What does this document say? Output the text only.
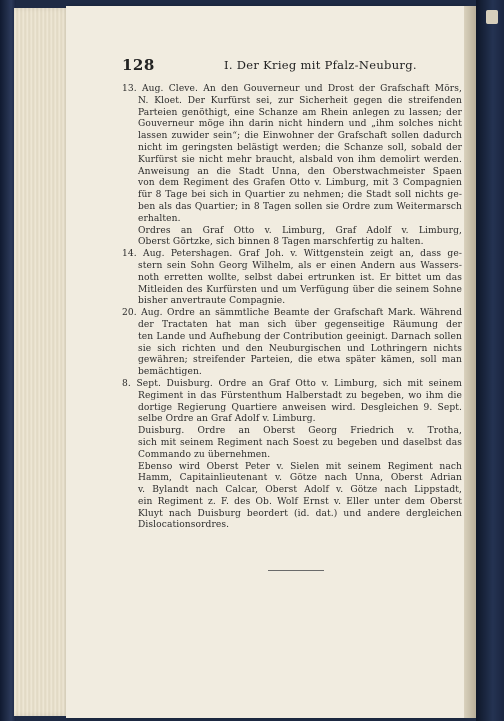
128	I. Der Krieg mit Pfalz-Neuburg.
13. Aug. Cleve. An den Gouverneur und Drost der Grafschaft Mörs,
N. Kloet. Der Kurfürst sei, zur Sicherheit gegen die streifenden
Parteien genöthigt, eine Schanze am Rhein anlegen zu lassen; der
Gouverneur möge ihn darin nicht hindern und „ihm solches nicht
lassen zuwider sein“; die Einwohner der Grafschaft sollen dadurch
nicht im geringsten belästigt werden; die Schanze soll, sobald der
Kurfürst sie nicht mehr braucht, alsbald von ihm demolirt werden.
Anweisung an die Stadt Unna, den Oberstwachmeister Spaen
von dem Regiment des Grafen Otto v. Limburg, mit 3 Compagnien
für 8 Tage bei sich in Quartier zu nehmen; die Stadt soll nichts ge-
ben als das Quartier; in 8 Tagen sollen sie Ordre zum Weitermarsch
erhalten.
Ordres an Graf Otto v. Limburg, Graf Adolf v. Limburg,
Oberst Görtzke, sich binnen 8 Tagen marschfertig zu halten.
14. Aug. Petershagen. Graf Joh. v. Wittgenstein zeigt an, dass ge-
stern sein Sohn Georg Wilhelm, als er einen Andern aus Wassers-
noth erretten wollte, selbst dabei ertrunken ist. Er bittet um das
Mitleiden des Kurfürsten und um Verfügung über die seinem Sohne
bisher anvertraute Compagnie.
20. Aug. Ordre an sämmtliche Beamte der Grafschaft Mark. Während
der Tractaten hat man sich über gegenseitige Räumung der
ten Lande und Aufhebung der Contribution geeinigt. Darnach sollen
sie sich richten und den Neuburgischen und Lothringern nichts
gewähren; streifender Parteien, die etwa später kämen, soll man
bemächtigen.
8. Sept. Duisburg. Ordre an Graf Otto v. Limburg, sich mit seinem
Regiment in das Fürstenthum Halberstadt zu begeben, wo ihm die
dortige Regierung Quartiere anweisen wird. Desgleichen 9. Sept.
selbe Ordre an Graf Adolf v. Limburg.
Duisburg. Ordre an Oberst Georg Friedrich v. Trotha,
sich mit seinem Regiment nach Soest zu begeben und daselbst das
Commando zu übernehmen.
Ebenso wird Oberst Peter v. Sielen mit seinem Regiment nach
Hamm, Capitainlieutenant v. Götze nach Unna, Oberst Adrian
v. Bylandt nach Calcar, Oberst Adolf v. Götze nach Lippstadt,
ein Regiment z. F. des Ob. Wolf Ernst v. Eller unter dem Oberst
Kluyt nach Duisburg beordert (id. dat.) und andere dergleichen
Dislocationsordres.
